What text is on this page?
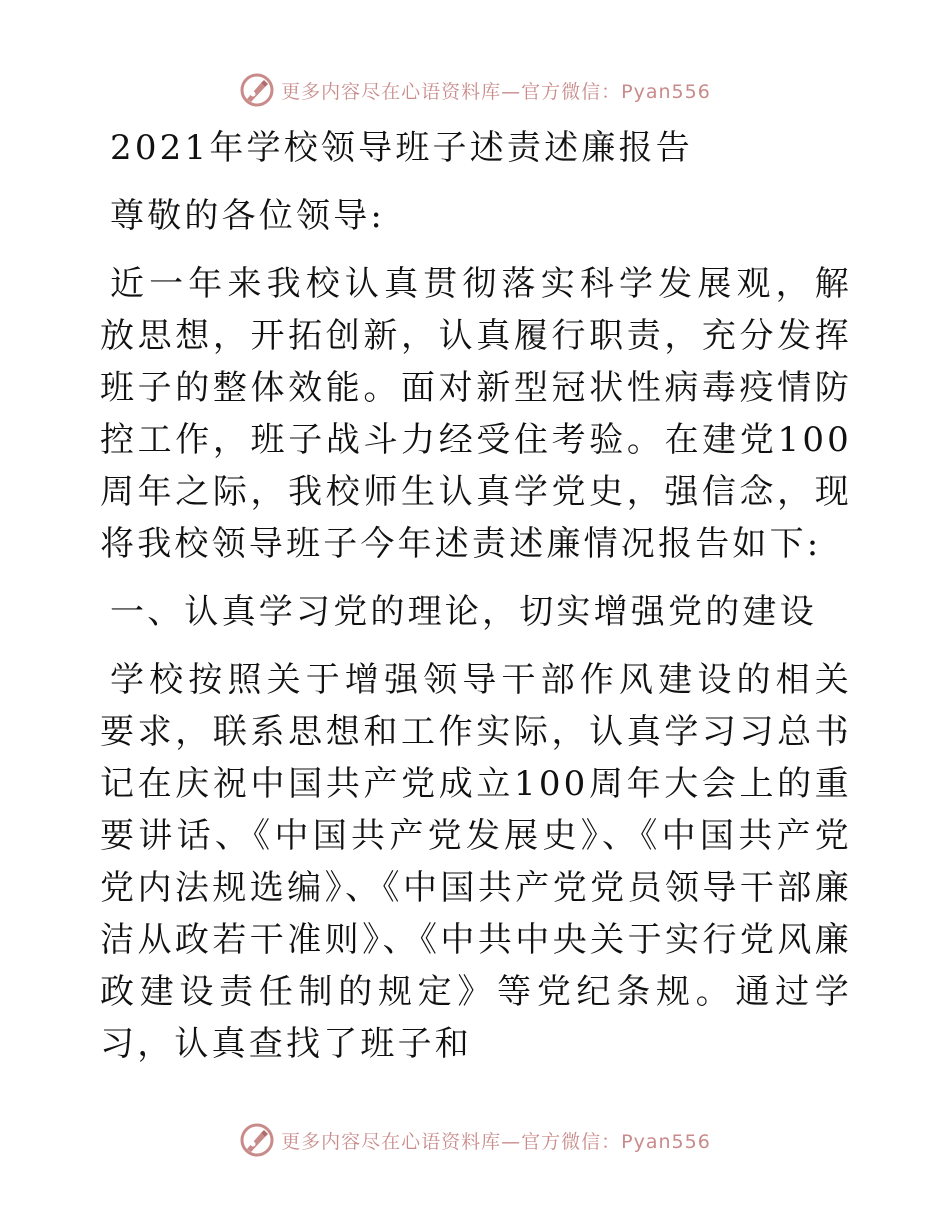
更多内容尽在心语资料库—官方微信：Pyan556

2021年学校领导班子述责述廉报告

尊敬的各位领导:

近一年来我校认真贯彻落实科学发展观，解放思想，开拓创新，认真履行职责，充分发挥班子的整体效能。面对新型冠状性病毒疫情防控工作，班子战斗力经受住考验。在建党100周年之际，我校师生认真学党史，强信念，现将我校领导班子今年述责述廉情况报告如下:

一、认真学习党的理论，切实增强党的建设

学校按照关于增强领导干部作风建设的相关要求，联系思想和工作实际，认真学习习总书记在庆祝中国共产党成立100周年大会上的重要讲话、《中国共产党发展史》、《中国共产党党内法规选编》、《中国共产党党员领导干部廉洁从政若干准则》、《中共中央关于实行党风廉政建设责任制的规定》等党纪条规。通过学习，认真查找了班子和

更多内容尽在心语资料库—官方微信：Pyan556
